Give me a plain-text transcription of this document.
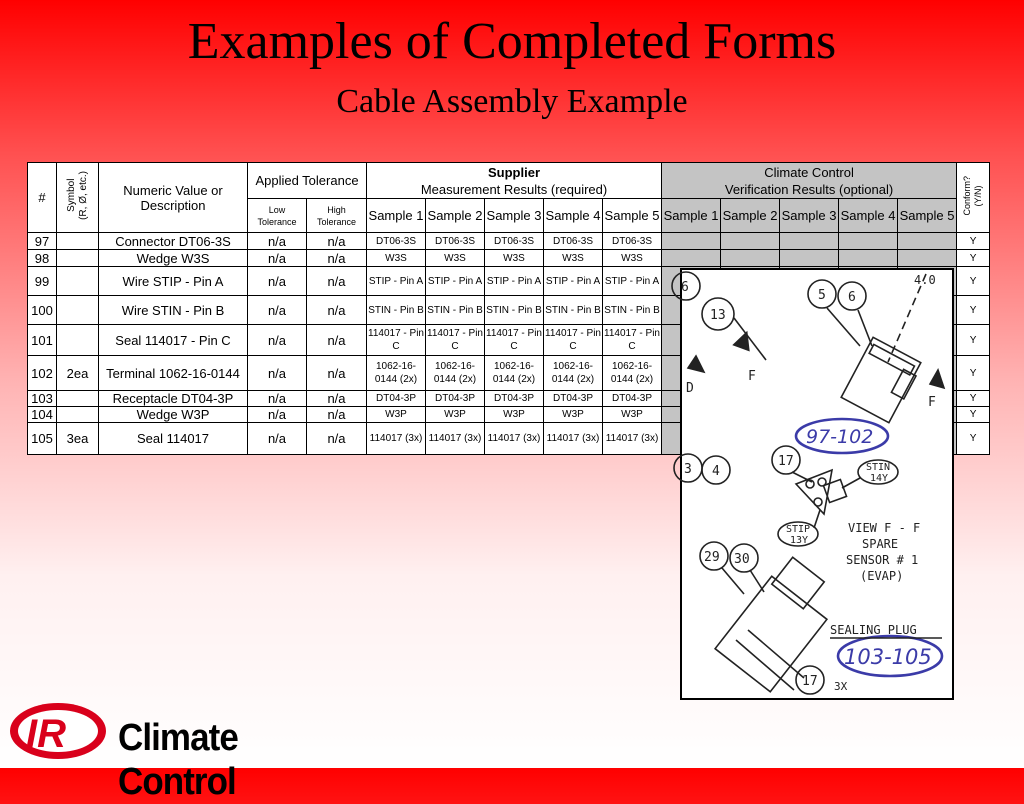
Examples of Completed Forms
Cable Assembly Example
#	Symbol
(R, Ø, etc.)	Numeric Value or Description	Applied Tolerance		Supplier
Measurement Results (required)					Climate Control
Verification Results (optional)					Conform?
(Y/N)
			Low Tolerance	High Tolerance	Sample 1	Sample 2	Sample 3	Sample 4	Sample 5	Sample 1	Sample 2	Sample 3	Sample 4	Sample 5	
97		Connector DT06-3S	n/a	n/a	DT06-3S	DT06-3S	DT06-3S	DT06-3S	DT06-3S						Y
98		Wedge W3S	n/a	n/a	W3S	W3S	W3S	W3S	W3S						Y
99		Wire STIP - Pin A	n/a	n/a	STIP - Pin A	STIP - Pin A	STIP - Pin A	STIP - Pin A	STIP - Pin A						Y
100		Wire STIN - Pin B	n/a	n/a	STIN - Pin B	STIN - Pin B	STIN - Pin B	STIN - Pin B	STIN - Pin B						Y
101		Seal 114017 - Pin C	n/a	n/a	114017 - Pin C	114017 - Pin C	114017 - Pin C	114017 - Pin C	114017 - Pin C						Y
102	2ea	Terminal 1062-16-0144	n/a	n/a	1062-16-0144 (2x)	1062-16-0144 (2x)	1062-16-0144 (2x)	1062-16-0144 (2x)	1062-16-0144 (2x)						Y
103		Receptacle DT04-3P	n/a	n/a	DT04-3P	DT04-3P	DT04-3P	DT04-3P	DT04-3P						Y
104		Wedge W3P	n/a	n/a	W3P	W3P	W3P	W3P	W3P						Y
105	3ea	Seal 114017	n/a	n/a	114017 (3x)	114017 (3x)	114017 (3x)	114017 (3x)	114017 (3x)						Y
6
5 6
13
4.0
F
F
D
3 4
17	STIN
14Y
STIP
13Y
VIEW F - F
SPARE
SENSOR # 1
(EVAP)
29 30
SEALING PLUG
17 3X
97-102
103-105
IR Climate Control
